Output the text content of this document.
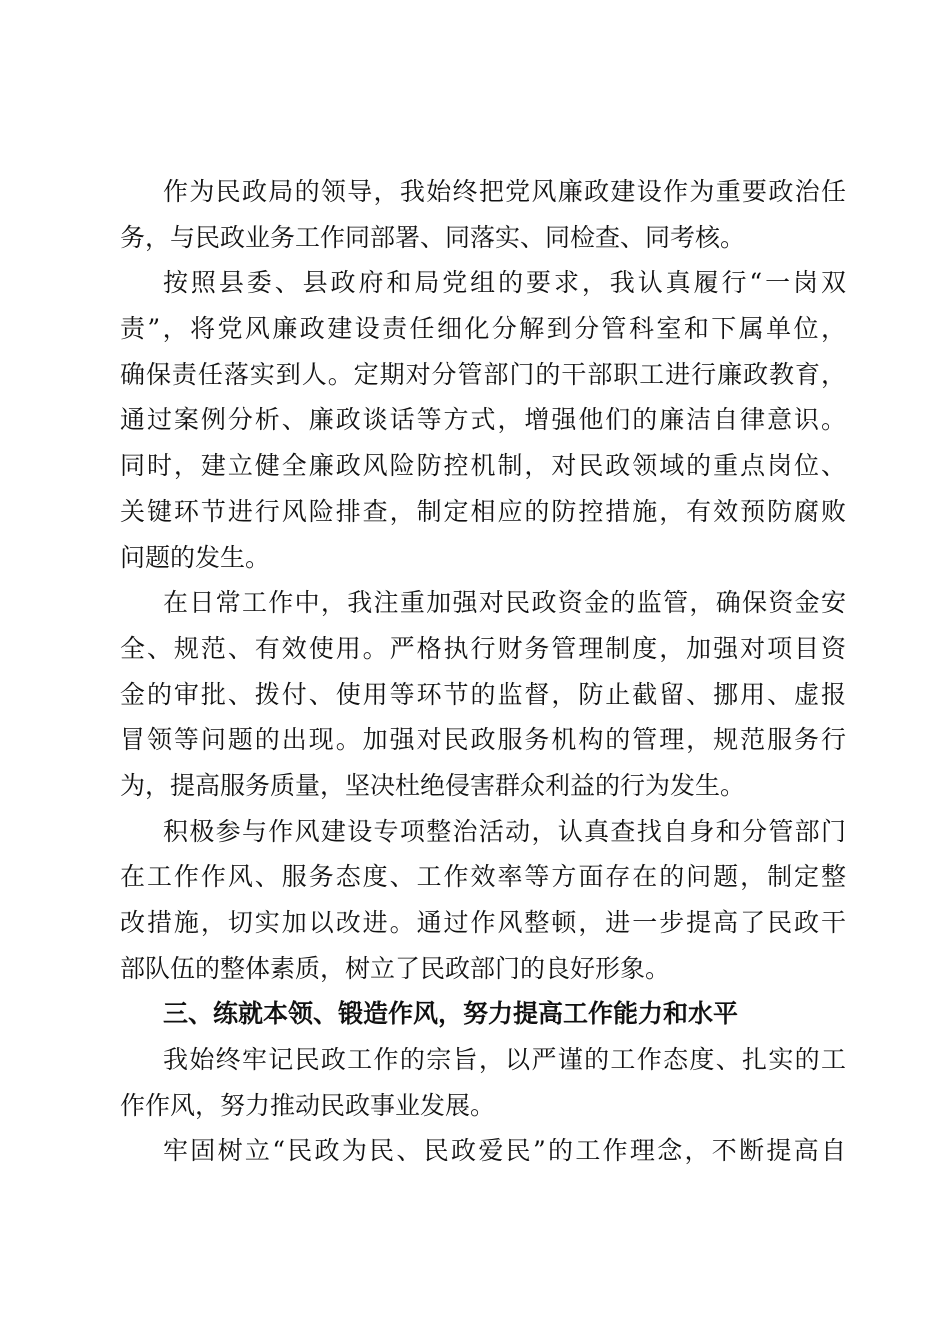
作为民政局的领导，我始终把党风廉政建设作为重要政治任
务，与民政业务工作同部署、同落实、同检查、同考核。
按照县委、县政府和局党组的要求，我认真履行“一岗双
责”，将党风廉政建设责任细化分解到分管科室和下属单位，
确保责任落实到人。定期对分管部门的干部职工进行廉政教育，
通过案例分析、廉政谈话等方式，增强他们的廉洁自律意识。
同时，建立健全廉政风险防控机制，对民政领域的重点岗位、
关键环节进行风险排查，制定相应的防控措施，有效预防腐败
问题的发生。
在日常工作中，我注重加强对民政资金的监管，确保资金安
全、规范、有效使用。严格执行财务管理制度，加强对项目资
金的审批、拨付、使用等环节的监督，防止截留、挪用、虚报
冒领等问题的出现。加强对民政服务机构的管理，规范服务行
为，提高服务质量，坚决杜绝侵害群众利益的行为发生。
积极参与作风建设专项整治活动，认真查找自身和分管部门
在工作作风、服务态度、工作效率等方面存在的问题，制定整
改措施，切实加以改进。通过作风整顿，进一步提高了民政干
部队伍的整体素质，树立了民政部门的良好形象。
三、练就本领、锻造作风，努力提高工作能力和水平
我始终牢记民政工作的宗旨，以严谨的工作态度、扎实的工
作作风，努力推动民政事业发展。
牢固树立“民政为民、民政爱民”的工作理念，不断提高自
